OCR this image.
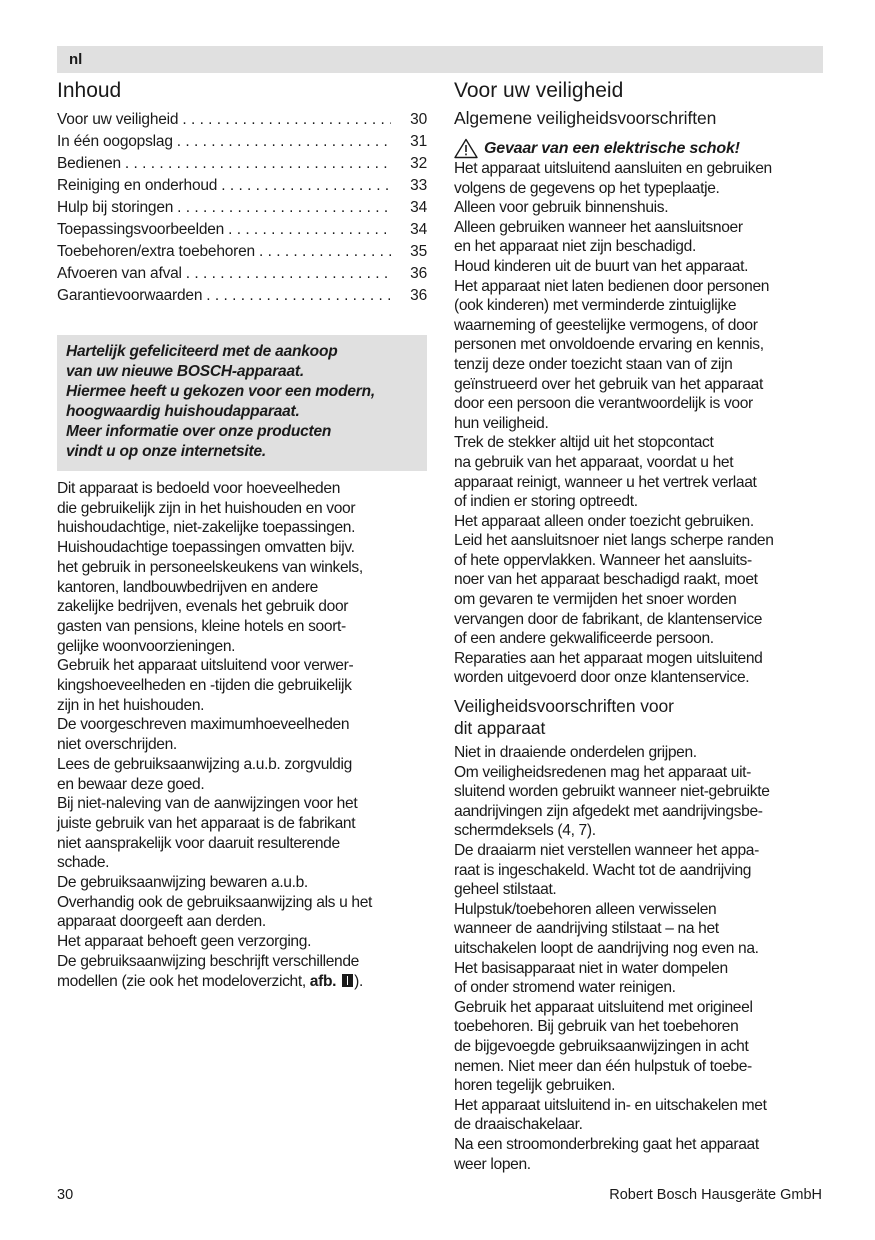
nl
Inhoud
Voor uw veiligheid . . .	30
In één oogopslag . . .	31
Bedienen . . .	32
Reiniging en onderhoud . . .	33
Hulp bij storingen . . .	34
Toepassingsvoorbeelden . . .	34
Toebehoren/extra toebehoren . . .	35
Afvoeren van afval . . .	36
Garantievoorwaarden . . .	36
Hartelijk gefeliciteerd met de aankoop
van uw nieuwe BOSCH-apparaat.
Hiermee heeft u gekozen voor een modern,
hoogwaardig huishoudapparaat.
Meer informatie over onze producten
vindt u op onze internetsite.

Dit apparaat is bedoeld voor hoeveelheden
die gebruikelijk zijn in het huishouden en voor
huishoudachtige, niet-zakelijke toepassingen.
Huishoudachtige toepassingen omvatten bijv.
het gebruik in personeelskeukens van winkels,
kantoren, landbouwbedrijven en andere
zakelijke bedrijven, evenals het gebruik door
gasten van pensions, kleine hotels en soort-
gelijke woonvoorzieningen.

Gebruik het apparaat uitsluitend voor verwer-
kingshoeveelheden en -tijden die gebruikelijk
zijn in het huishouden.

De voorgeschreven maximumhoeveelheden
niet overschrijden.

Lees de gebruiksaanwijzing a.u.b. zorgvuldig
en bewaar deze goed.

Bij niet-naleving van de aanwijzingen voor het
juiste gebruik van het apparaat is de fabrikant
niet aansprakelijk voor daaruit resulterende
schade.

De gebruiksaanwijzing bewaren a.u.b.
Overhandig ook de gebruiksaanwijzing als u het
apparaat doorgeeft aan derden.

Het apparaat behoeft geen verzorging.

De gebruiksaanwijzing beschrijft verschillende
modellen (zie ook het modeloverzicht, afb. ).

Voor uw veiligheid
Algemene veiligheidsvoorschriften
Gevaar van een elektrische schok!

Het apparaat uitsluitend aansluiten en gebruiken
volgens de gegevens op het typeplaatje.

Alleen voor gebruik binnenshuis.

Alleen gebruiken wanneer het aansluitsnoer
en het apparaat niet zijn beschadigd.

Houd kinderen uit de buurt van het apparaat.

Het apparaat niet laten bedienen door personen
(ook kinderen) met verminderde zintuiglijke
waarneming of geestelijke vermogens, of door
personen met onvoldoende ervaring en kennis,
tenzij deze onder toezicht staan van of zijn
geïnstrueerd over het gebruik van het apparaat
door een persoon die verantwoordelijk is voor
hun veiligheid.

Trek de stekker altijd uit het stopcontact
na gebruik van het apparaat, voordat u het
apparaat reinigt, wanneer u het vertrek verlaat
of indien er storing optreedt.

Het apparaat alleen onder toezicht gebruiken.

Leid het aansluitsnoer niet langs scherpe randen
of hete oppervlakken. Wanneer het aansluits-
noer van het apparaat beschadigd raakt, moet
om gevaren te vermijden het snoer worden
vervangen door de fabrikant, de klantenservice
of een andere gekwalificeerde persoon.

Reparaties aan het apparaat mogen uitsluitend
worden uitgevoerd door onze klantenservice.

Veiligheidsvoorschriften voor
dit apparaat

Niet in draaiende onderdelen grijpen.

Om veiligheidsredenen mag het apparaat uit-
sluitend worden gebruikt wanneer niet-gebruikte
aandrijvingen zijn afgedekt met aandrijvingsbe-
schermdeksels (4, 7).

De draaiarm niet verstellen wanneer het appa-
raat is ingeschakeld. Wacht tot de aandrijving
geheel stilstaat.

Hulpstuk/toebehoren alleen verwisselen
wanneer de aandrijving stilstaat – na het
uitschakelen loopt de aandrijving nog even na.

Het basisapparaat niet in water dompelen
of onder stromend water reinigen.

Gebruik het apparaat uitsluitend met origineel
toebehoren. Bij gebruik van het toebehoren
de bijgevoegde gebruiksaanwijzingen in acht
nemen. Niet meer dan één hulpstuk of toebe-
horen tegelijk gebruiken.

Het apparaat uitsluitend in- en uitschakelen met
de draaischakelaar.

Na een stroomonderbreking gaat het apparaat
weer lopen.

30	Robert Bosch Hausgeräte GmbH
